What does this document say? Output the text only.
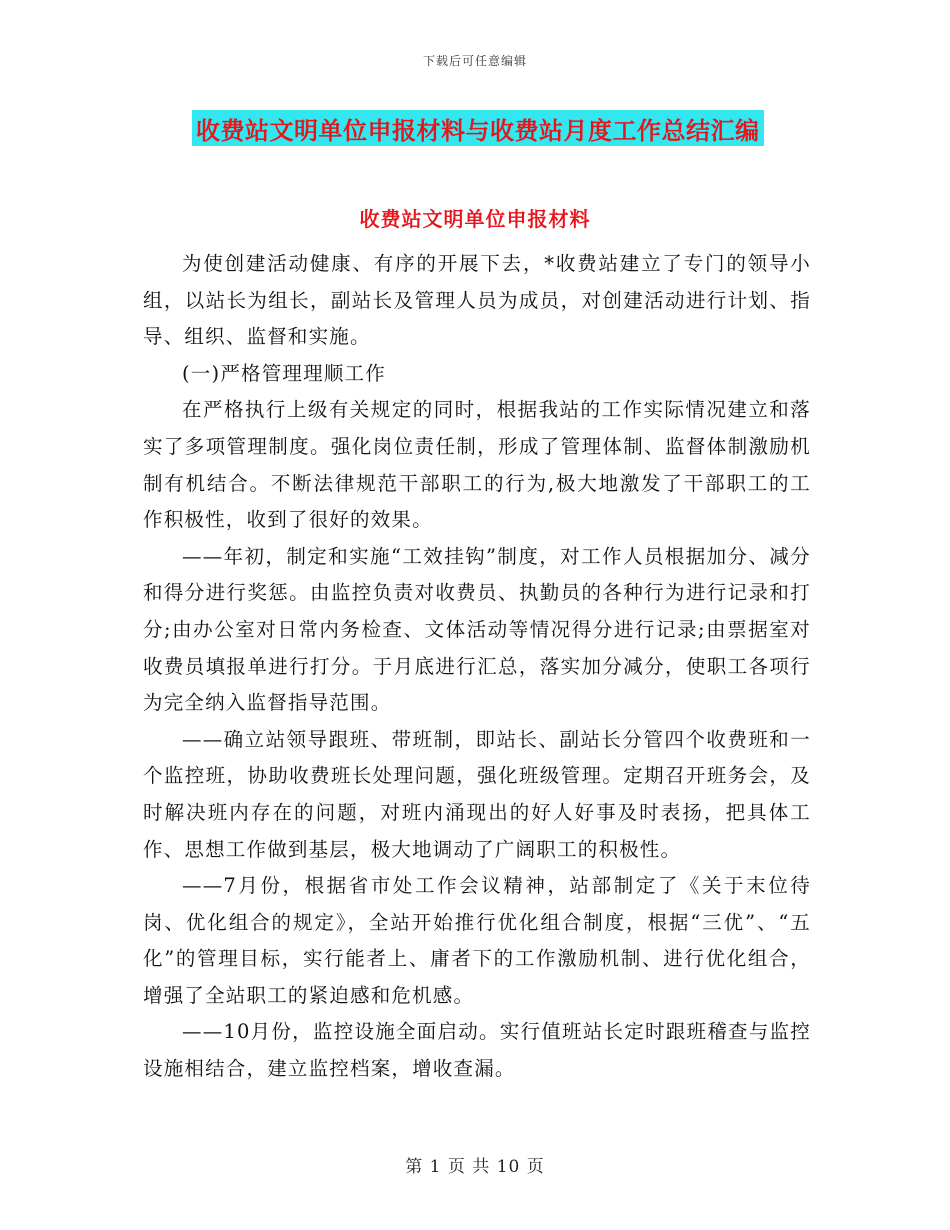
下载后可任意编辑
收费站文明单位申报材料与收费站月度工作总结汇编
收费站文明单位申报材料

为使创建活动健康、有序的开展下去，*收费站建立了专门的领导小组，以站长为组长，副站长及管理人员为成员，对创建活动进行计划、指导、组织、监督和实施。

(一)严格管理理顺工作

在严格执行上级有关规定的同时，根据我站的工作实际情况建立和落实了多项管理制度。强化岗位责任制，形成了管理体制、监督体制激励机制有机结合。不断法律规范干部职工的行为,极大地激发了干部职工的工作积极性，收到了很好的效果。

——年初，制定和实施“工效挂钩”制度，对工作人员根据加分、减分和得分进行奖惩。由监控负责对收费员、执勤员的各种行为进行记录和打分;由办公室对日常内务检查、文体活动等情况得分进行记录;由票据室对收费员填报单进行打分。于月底进行汇总，落实加分减分，使职工各项行为完全纳入监督指导范围。

——确立站领导跟班、带班制，即站长、副站长分管四个收费班和一个监控班，协助收费班长处理问题，强化班级管理。定期召开班务会，及时解决班内存在的问题，对班内涌现出的好人好事及时表扬，把具体工作、思想工作做到基层，极大地调动了广阔职工的积极性。

——7月份，根据省市处工作会议精神，站部制定了《关于末位待岗、优化组合的规定》，全站开始推行优化组合制度，根据“三优”、“五化”的管理目标，实行能者上、庸者下的工作激励机制、进行优化组合，增强了全站职工的紧迫感和危机感。

——10月份，监控设施全面启动。实行值班站长定时跟班稽查与监控设施相结合，建立监控档案，增收查漏。

第 1 页 共 10 页
